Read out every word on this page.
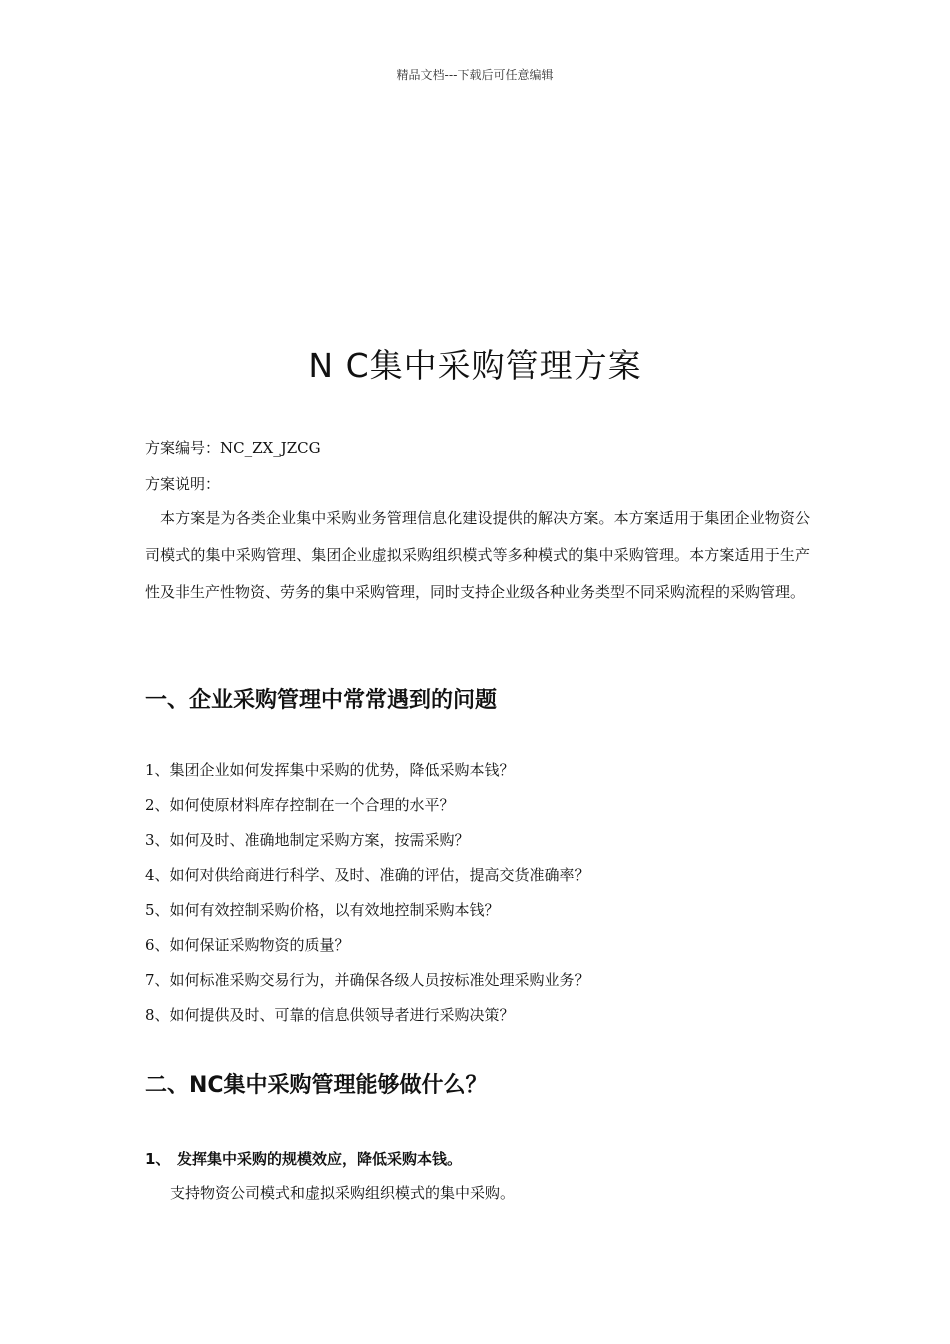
精品文档---下载后可任意编辑
N C集中采购管理方案
方案编号：NC_ZX_JZCG
方案说明：

本方案是为各类企业集中采购业务管理信息化建设提供的解决方案。本方案适用于集团企业物资公司模式的集中采购管理、集团企业虚拟采购组织模式等多种模式的集中采购管理。本方案适用于生产性及非生产性物资、劳务的集中采购管理，同时支持企业级各种业务类型不同采购流程的采购管理。

一、企业采购管理中常常遇到的问题
1、集团企业如何发挥集中采购的优势，降低采购本钱？
2、如何使原材料库存控制在一个合理的水平？
3、如何及时、准确地制定采购方案，按需采购？
4、如何对供给商进行科学、及时、准确的评估，提高交货准确率？
5、如何有效控制采购价格，以有效地控制采购本钱？
6、如何保证采购物资的质量？
7、如何标准采购交易行为，并确保各级人员按标准处理采购业务？
8、如何提供及时、可靠的信息供领导者进行采购决策？
二、NC集中采购管理能够做什么？
1、 发挥集中采购的规模效应，降低采购本钱。
支持物资公司模式和虚拟采购组织模式的集中采购。
